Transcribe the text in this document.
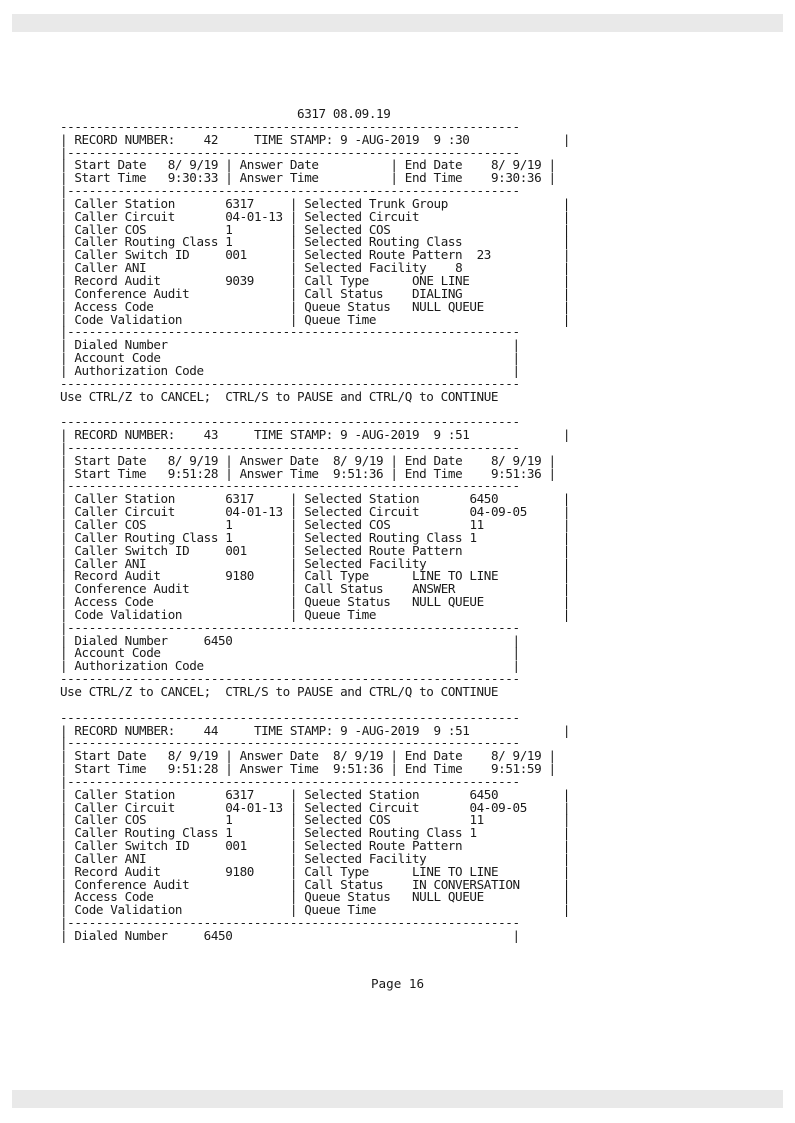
6317 08.09.19
----------------------------------------------------------------
| RECORD NUMBER: 42	TIME STAMP: 9 -AUG-2019  9 :30	|
|---------------------------------------------------------------
| Start Date 8/ 9/19 | Answer Date	| End Date 8/ 9/19 |
| Start Time 9:30:33 | Answer Time	| End Time 9:30:36 |
|---------------------------------------------------------------
| Caller Station	6317     | Selected Trunk Group	|
| Caller Circuit	04-01-13 | Selected Circuit	|
| Caller COS	1        | Selected COS	|
| Caller Routing Class 1        | Selected Routing Class	|
| Caller Switch ID	001      | Selected Route Pattern 23	|
| Caller ANI                    | Selected Facility 8	|
| Record Audit	9039     | Call Type	ONE LINE	|
| Conference Audit              | Call Status DIALING	|
| Access Code                   | Queue Status NULL QUEUE	|
| Code Validation               | Queue Time	|
|---------------------------------------------------------------
| Dialed Number	|
| Account Code	|
| Authorization Code	|
----------------------------------------------------------------
Use CTRL/Z to CANCEL;  CTRL/S to PAUSE and CTRL/Q to CONTINUE

----------------------------------------------------------------
| RECORD NUMBER: 43	TIME STAMP: 9 -AUG-2019  9 :51	|
|---------------------------------------------------------------
| Start Date 8/ 9/19 | Answer Date 8/ 9/19 | End Date 8/ 9/19 |
| Start Time 9:51:28 | Answer Time 9:51:36 | End Time 9:51:36 |
|---------------------------------------------------------------
| Caller Station	6317     | Selected Station	6450	|
| Caller Circuit	04-01-13 | Selected Circuit	04-09-05	|
| Caller COS	1        | Selected COS	11	|
| Caller Routing Class 1        | Selected Routing Class 1	|
| Caller Switch ID	001      | Selected Route Pattern	|
| Caller ANI                    | Selected Facility	|
| Record Audit	9180     | Call Type	LINE TO LINE	|
| Conference Audit              | Call Status ANSWER	|
| Access Code                   | Queue Status NULL QUEUE	|
| Code Validation               | Queue Time	|
|---------------------------------------------------------------
| Dialed Number	6450	|
| Account Code	|
| Authorization Code	|
----------------------------------------------------------------
Use CTRL/Z to CANCEL;  CTRL/S to PAUSE and CTRL/Q to CONTINUE

----------------------------------------------------------------
| RECORD NUMBER: 44	TIME STAMP: 9 -AUG-2019  9 :51	|
|---------------------------------------------------------------
| Start Date 8/ 9/19 | Answer Date 8/ 9/19 | End Date 8/ 9/19 |
| Start Time 9:51:28 | Answer Time 9:51:36 | End Time 9:51:59 |
|---------------------------------------------------------------
| Caller Station	6317     | Selected Station	6450	|
| Caller Circuit	04-01-13 | Selected Circuit	04-09-05	|
| Caller COS	1        | Selected COS	11	|
| Caller Routing Class 1        | Selected Routing Class 1	|
| Caller Switch ID	001      | Selected Route Pattern	|
| Caller ANI                    | Selected Facility	|
| Record Audit	9180     | Call Type	LINE TO LINE	|
| Conference Audit              | Call Status IN CONVERSATION	|
| Access Code                   | Queue Status NULL QUEUE	|
| Code Validation               | Queue Time	|
|---------------------------------------------------------------
| Dialed Number	6450	|

Page 16
